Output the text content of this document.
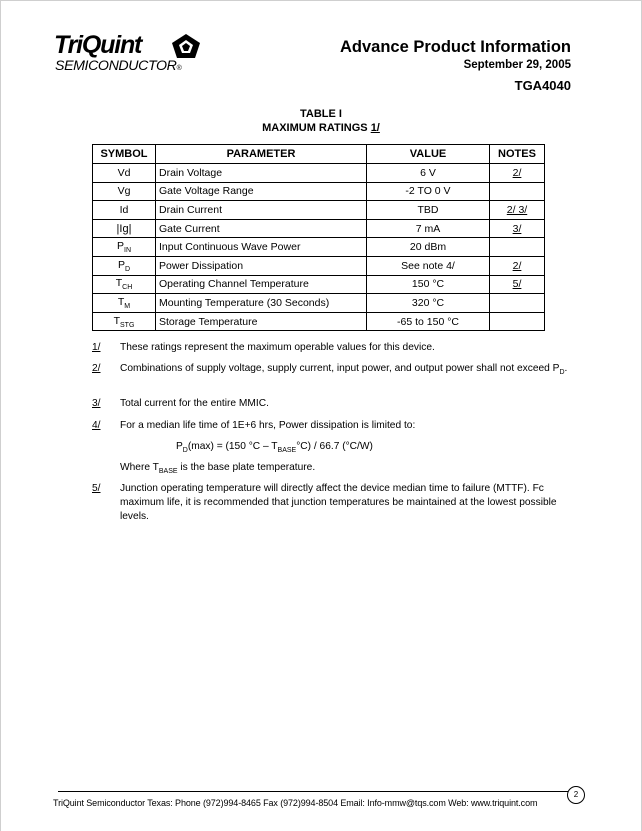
TriQuint
SEMICONDUCTOR®
Advance Product Information
September 29, 2005
TGA4040
TABLE I
MAXIMUM RATINGS 1/
SYMBOL	PARAMETER	VALUE	NOTES
Vd	Drain Voltage	6 V	2/
Vg	Gate Voltage Range	-2 TO 0 V	
Id	Drain Current	TBD	2/ 3/
|Ig|	Gate Current	7 mA	3/
$P_{IN}$	Input Continuous Wave Power	20 dBm	
$P_D$	Power Dissipation	See note 4/	2/
$T_{CH}$	Operating Channel Temperature	150 °C	5/
$T_M$	Mounting Temperature (30 Seconds)	320 °C	
$T_{STG}$	Storage Temperature	-65 to 150 °C	
1/ These ratings represent the maximum operable values for this device.
2/ Combinations of supply voltage, supply current, input power, and output power shall not exceed $P_D$.
3/ Total current for the entire MMIC.
4/ For a median life time of 1E+6 hrs, Power dissipation is limited to:
$P_D(\max) = (150$ $^\circ C - T_{BASE}^\circ C) / 66.7$ (°C/W)
Where $T_{BASE}$ is the base plate temperature.
5/ Junction operating temperature will directly affect the device median time to failure (MTTF). Fc maximum life, it is recommended that junction temperatures be maintained at the lowest possible levels.
TriQuint Semiconductor Texas: Phone (972)994-8465 Fax (972)994-8504 Email: Info-mmw@tqs.com Web: www.triquint.com
2
